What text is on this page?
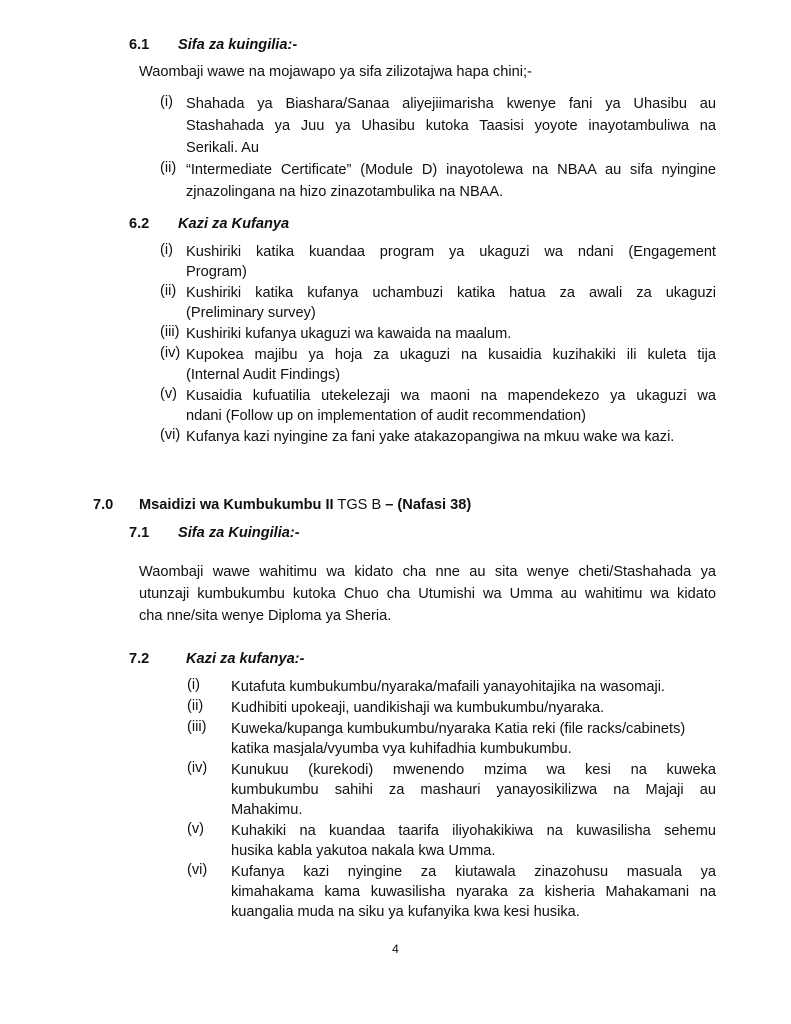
6.1 Sifa za kuingilia:-
Waombaji wawe na mojawapo ya sifa zilizotajwa hapa chini;-
(i) Shahada ya Biashara/Sanaa aliyejiimarisha kwenye fani ya Uhasibu au
Stashahada ya Juu ya Uhasibu kutoka Taasisi yoyote inayotambuliwa na
Serikali. Au
(ii) “Intermediate Certificate” (Module D) inayotolewa na NBAA au sifa nyingine
zjnazolingana na hizo zinazotambulika na NBAA.
6.2 Kazi za Kufanya
(i) Kushiriki katika kuandaa program ya ukaguzi wa ndani (Engagement
Program)
(ii) Kushiriki katika kufanya uchambuzi katika hatua za awali za ukaguzi
(Preliminary survey)
(iii) Kushiriki kufanya ukaguzi wa kawaida na maalum.
(iv) Kupokea majibu ya hoja za ukaguzi na kusaidia kuzihakiki ili kuleta tija
(Internal Audit Findings)
(v) Kusaidia kufuatilia utekelezaji wa maoni na mapendekezo ya ukaguzi wa
ndani (Follow up on implementation of audit recommendation)
(vi) Kufanya kazi nyingine za fani yake atakazopangiwa na mkuu wake wa kazi.
7.0 Msaidizi wa Kumbukumbu II TGS B – (Nafasi 38)
7.1 Sifa za Kuingilia:-
Waombaji wawe wahitimu wa kidato cha nne au sita wenye cheti/Stashahada ya
utunzaji kumbukumbu kutoka Chuo cha Utumishi wa Umma au wahitimu wa kidato
cha nne/sita wenye Diploma ya Sheria.
7.2	Kazi za kufanya:-
(i) Kutafuta kumbukumbu/nyaraka/mafaili yanayohitajika na wasomaji.
(ii) Kudhibiti upokeaji, uandikishaji wa kumbukumbu/nyaraka.
(iii) Kuweka/kupanga kumbukumbu/nyaraka Katia reki (file racks/cabinets)
katika masjala/vyumba vya kuhifadhia kumbukumbu.
(iv) Kunukuu (kurekodi) mwenendo mzima wa kesi na kuweka
kumbukumbu sahihi za mashauri yanayosikilizwa na Majaji au
Mahakimu.
(v) Kuhakiki na kuandaa taarifa iliyohakikiwa na kuwasilisha sehemu
husika kabla yakutoa nakala kwa Umma.
(vi) Kufanya kazi nyingine za kiutawala zinazohusu masuala ya
kimahakama kama kuwasilisha nyaraka za kisheria Mahakamani na
kuangalia muda na siku ya kufanyika kwa kesi husika.
4
